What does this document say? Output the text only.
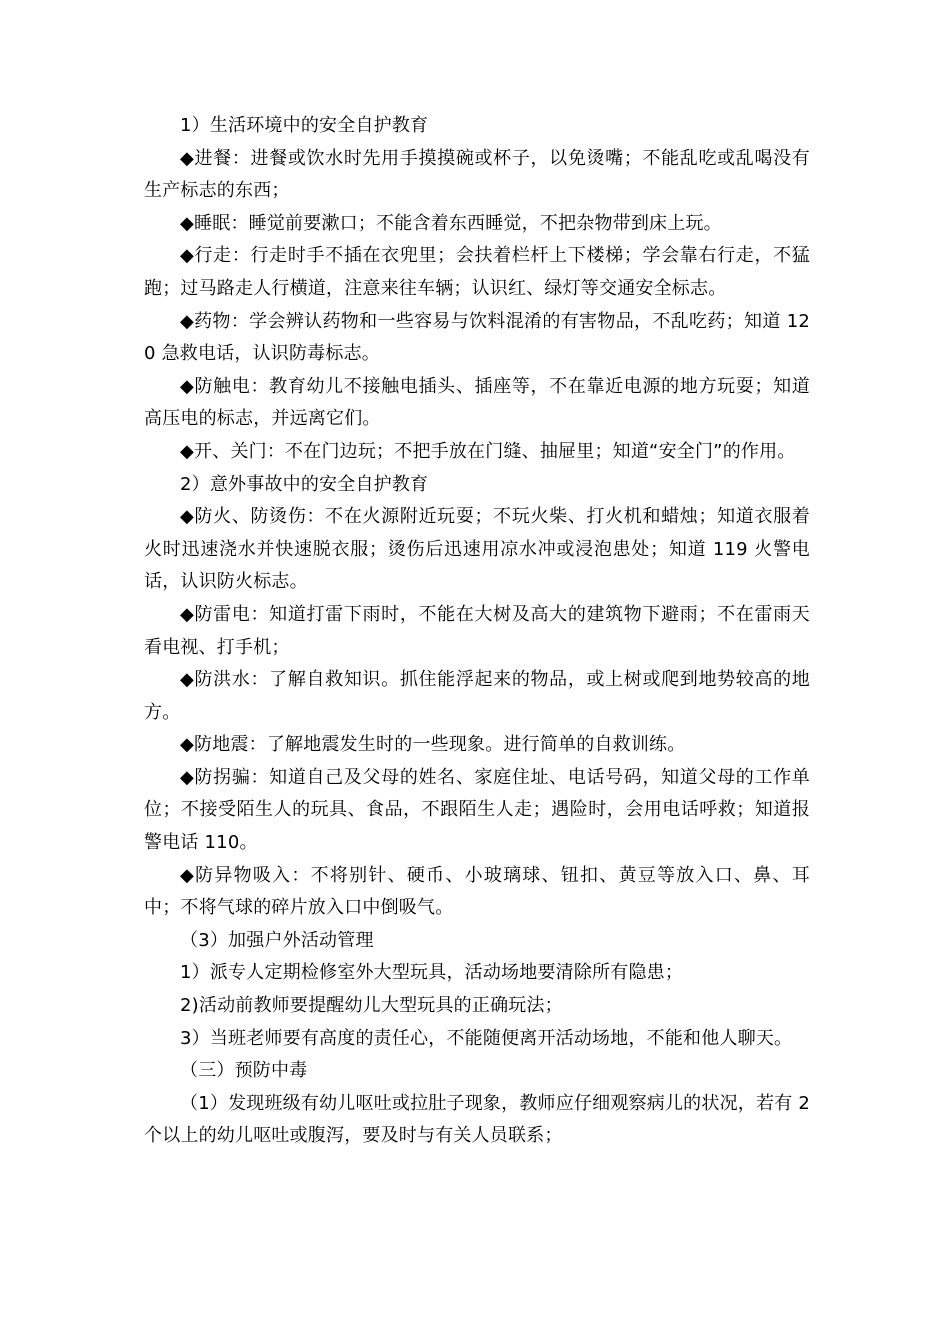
1）生活环境中的安全自护教育

◆进餐：进餐或饮水时先用手摸摸碗或杯子，以免烫嘴；不能乱吃或乱喝没有生产标志的东西；

◆睡眠：睡觉前要漱口；不能含着东西睡觉，不把杂物带到床上玩。

◆行走：行走时手不插在衣兜里；会扶着栏杆上下楼梯；学会靠右行走，不猛跑；过马路走人行横道，注意来往车辆；认识红、绿灯等交通安全标志。

◆药物：学会辨认药物和一些容易与饮料混淆的有害物品，不乱吃药；知道 120 急救电话，认识防毒标志。

◆防触电：教育幼儿不接触电插头、插座等，不在靠近电源的地方玩耍；知道高压电的标志，并远离它们。

◆开、关门：不在门边玩；不把手放在门缝、抽屉里；知道“安全门”的作用。

2）意外事故中的安全自护教育

◆防火、防烫伤：不在火源附近玩耍；不玩火柴、打火机和蜡烛；知道衣服着火时迅速浇水并快速脱衣服；烫伤后迅速用凉水冲或浸泡患处；知道 119 火警电话，认识防火标志。

◆防雷电：知道打雷下雨时，不能在大树及高大的建筑物下避雨；不在雷雨天看电视、打手机；

◆防洪水：了解自救知识。抓住能浮起来的物品，或上树或爬到地势较高的地方。

◆防地震：了解地震发生时的一些现象。进行简单的自救训练。

◆防拐骗：知道自己及父母的姓名、家庭住址、电话号码，知道父母的工作单位；不接受陌生人的玩具、食品，不跟陌生人走；遇险时，会用电话呼救；知道报警电话 110。

◆防异物吸入：不将别针、硬币、小玻璃球、钮扣、黄豆等放入口、鼻、耳中；不将气球的碎片放入口中倒吸气。

（3）加强户外活动管理

1）派专人定期检修室外大型玩具，活动场地要清除所有隐患；

2)活动前教师要提醒幼儿大型玩具的正确玩法；

3）当班老师要有高度的责任心，不能随便离开活动场地，不能和他人聊天。

（三）预防中毒

（1）发现班级有幼儿呕吐或拉肚子现象，教师应仔细观察病儿的状况，若有 2 个以上的幼儿呕吐或腹泻，要及时与有关人员联系；
